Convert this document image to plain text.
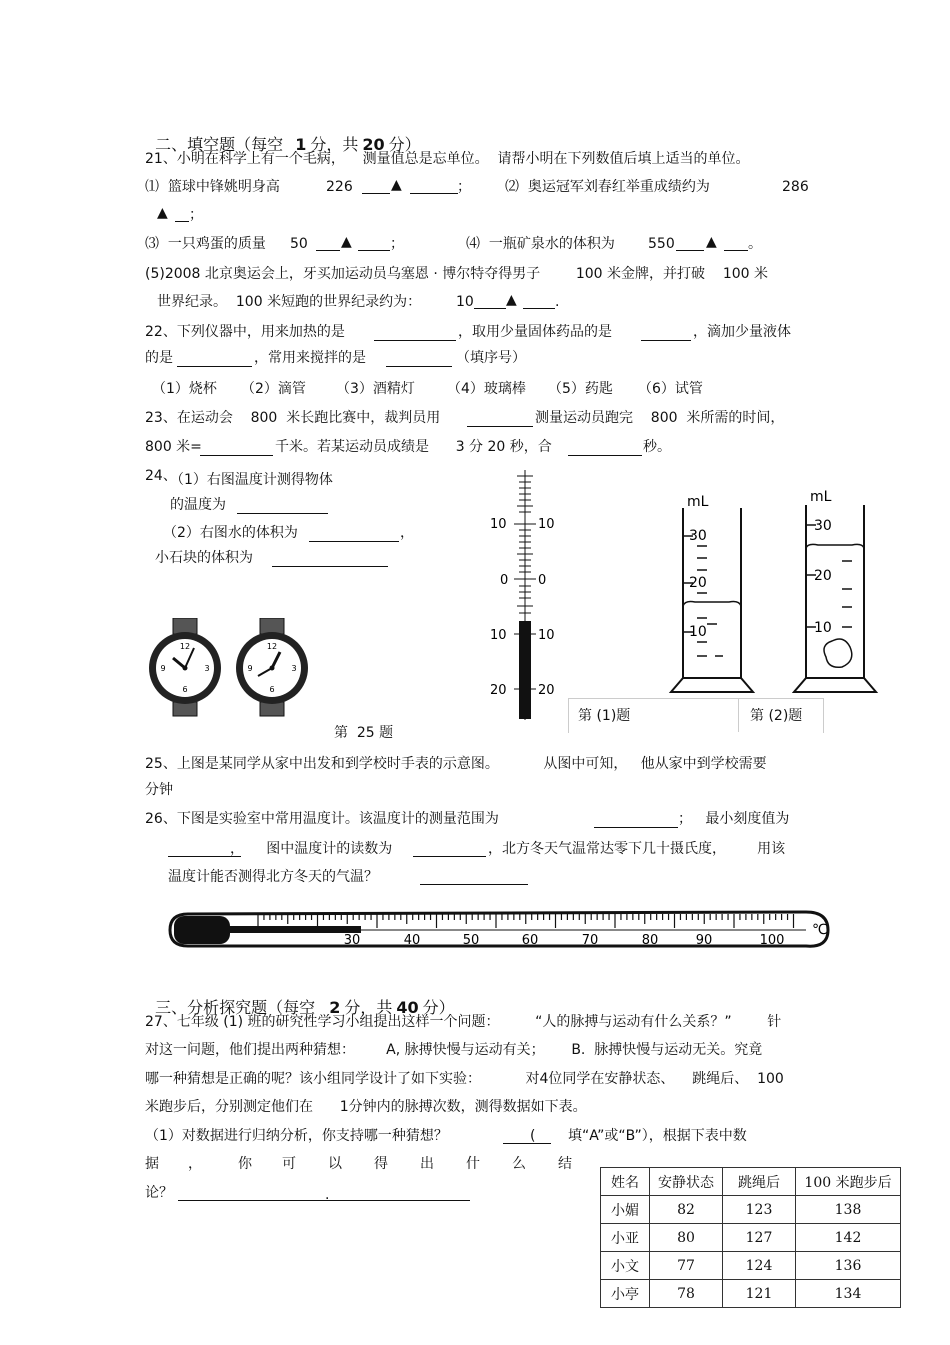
二、填空题（每空 1 分，共 20 分）

21、小明在科学上有一个毛病，    测量值总是忘单位。  请帮小明在下列数值后填上适当的单位。
⑴  篮球中锋姚明身高	226	▲	； ⑵  奥运冠军刘春红举重成绩约为	286
▲ ；
⑶  一只鸡蛋的质量 50 ▲	；	⑷  一瓶矿泉水的体积为 550 ▲ 。
(5)2008 北京奥运会上，牙买加运动员乌塞恩 · 博尔特夺得男子        100 米金牌，并打破    100 米
世界纪录。  100 米短跑的世界纪录约为： 10 ▲	.
22、下列仪器中，用来加热的是	，取用少量固体药品的是	，滴加少量液体
的是	，常用来搅拌的是	（填序号）
（1）烧杯 （2）滴管 （3）酒精灯 （4）玻璃棒 （5）药匙 （6）试管
23、在运动会    800  米长跑比赛中，裁判员用	测量运动员跑完    800  米所需的时间，
800 米=	千米。若某运动员成绩是      3 分 20 秒，合	秒。
24、
（1）右图温度计测得物体
的温度为
（2）右图水的体积为	，
小石块的体积为
12
3
6
9
12
3
6
9
第  25 题
10 10
0 0
10 10
20 20
mL
30
20
10
mL
30
20
10
第 (1)题	第 (2)题
25、上图是某同学从家中出发和到学校时手表的示意图。          从图中可知，   他从家中到学校需要
分钟
26、下图是实验室中常用温度计。该温度计的测量范围为	；   最小刻度值为
，     图中温度计的读数为	，北方冬天气温常达零下几十摄氏度，       用该
温度计能否测得北方冬天的气温？
20	30	40	50	60	70	80	90	100
℃

三、分析探究题（每空 2 分，共 40 分）

27、七年级 (1) 班的研究性学习小组提出这样一个问题：        “人的脉搏与运动有什么关系？”        针
对这一问题，他们提出两种猜想：       A, 脉搏快慢与运动有关；      B.  脉搏快慢与运动无关。究竟
哪一种猜想是正确的呢？该小组同学设计了如下实验：          对4位同学在安静状态、    跳绳后、  100
米跑步后，分别测定他们在      1分钟内的脉搏次数，测得数据如下表。
（1）对数据进行归纳分析，你支持哪一种猜想？	( 填“A”或“B”），根据下表中数
据 ，	你 可 以 得 出 什 么 结
论？	.
姓名	安静状态	跳绳后	100 米跑步后
小媚	82	123	138
小亚	80	127	142
小文	77	124	136
小亭	78	121	134
